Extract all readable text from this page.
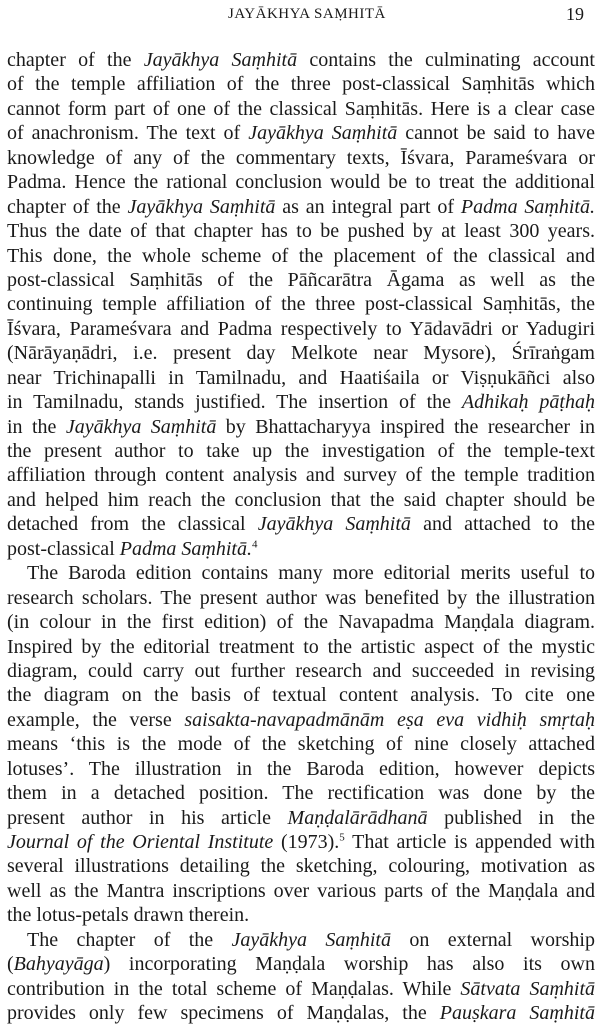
JAYĀKHYA SAṂHITĀ	19
chapter of the Jayākhya Saṃhitā contains the culminating account
of the temple affiliation of the three post-classical Saṃhitās which
cannot form part of one of the classical Saṃhitās. Here is a clear case
of anachronism. The text of Jayākhya Saṃhitā cannot be said to have
knowledge of any of the commentary texts, Īśvara, Parameśvara or
Padma. Hence the rational conclusion would be to treat the additional
chapter of the Jayākhya Saṃhitā as an integral part of Padma Saṃhitā.
Thus the date of that chapter has to be pushed by at least 300 years.
This done, the whole scheme of the placement of the classical and
post-classical Saṃhitās of the Pāñcarātra Āgama as well as the
continuing temple affiliation of the three post-classical Saṃhitās, the
Īśvara, Parameśvara and Padma respectively to Yādavādri or Yadugiri
(Nārāyaṇādri, i.e. present day Melkote near Mysore), Śrīraṅgam
near Trichinapalli in Tamilnadu, and Haatiśaila or Viṣṇukāñci also
in Tamilnadu, stands justified. The insertion of the Adhikaḥ pāṭhaḥ
in the Jayākhya Saṃhitā by Bhattacharyya inspired the researcher in
the present author to take up the investigation of the temple-text
affiliation through content analysis and survey of the temple tradition
and helped him reach the conclusion that the said chapter should be
detached from the classical Jayākhya Saṃhitā and attached to the
post-classical Padma Saṃhitā.$^4$
The Baroda edition contains many more editorial merits useful to
research scholars. The present author was benefited by the illustration
(in colour in the first edition) of the Navapadma Maṇḍala diagram.
Inspired by the editorial treatment to the artistic aspect of the mystic
diagram, could carry out further research and succeeded in revising
the diagram on the basis of textual content analysis. To cite one
example, the verse saisakta-navapadmānām eṣa eva vidhiḥ smṛtaḥ
means ‘this is the mode of the sketching of nine closely attached
lotuses’. The illustration in the Baroda edition, however depicts
them in a detached position. The rectification was done by the
present author in his article Maṇḍalārādhanā published in the
Journal of the Oriental Institute (1973).$^5$ That article is appended with
several illustrations detailing the sketching, colouring, motivation as
well as the Mantra inscriptions over various parts of the Maṇḍala and
the lotus-petals drawn therein.
The chapter of the Jayākhya Saṃhitā on external worship
(Bahyayāga) incorporating Maṇḍala worship has also its own
contribution in the total scheme of Maṇḍalas. While Sātvata Saṃhitā
provides only few specimens of Maṇḍalas, the Pauṣkara Saṃhitā
